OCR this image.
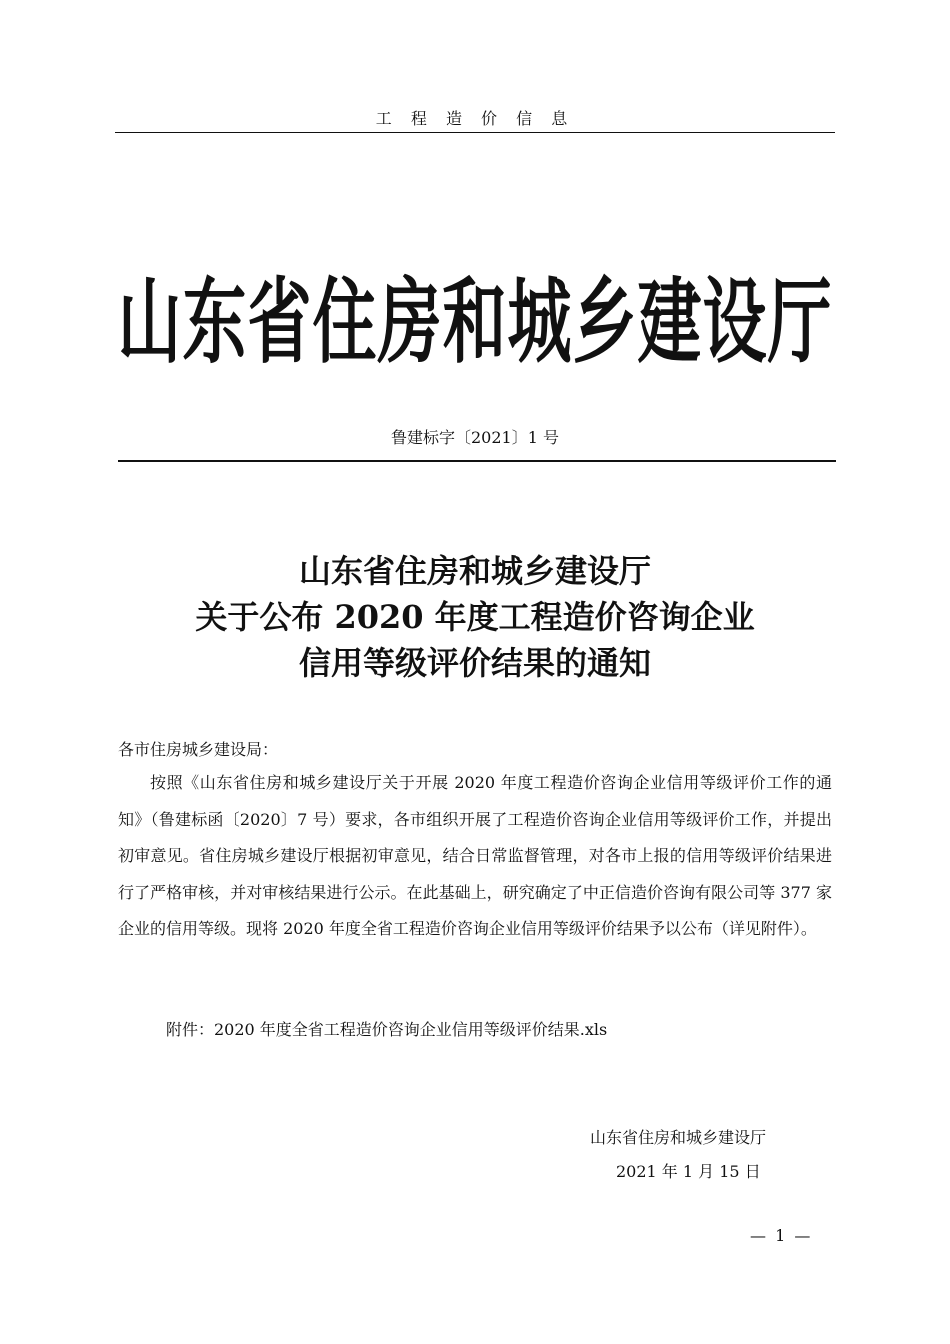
工 程 造 价 信 息
山东省住房和城乡建设厅
鲁建标字〔2021〕1 号
山东省住房和城乡建设厅
关于公布 2020 年度工程造价咨询企业
信用等级评价结果的通知
各市住房城乡建设局：
按照《山东省住房和城乡建设厅关于开展 2020 年度工程造价咨询企业信用等级评价工作的通知》（鲁建标函〔2020〕7 号）要求，各市组织开展了工程造价咨询企业信用等级评价工作，并提出初审意见。省住房城乡建设厅根据初审意见，结合日常监督管理，对各市上报的信用等级评价结果进行了严格审核，并对审核结果进行公示。在此基础上，研究确定了中正信造价咨询有限公司等 377 家企业的信用等级。现将 2020 年度全省工程造价咨询企业信用等级评价结果予以公布（详见附件）。
附件：2020 年度全省工程造价咨询企业信用等级评价结果.xls
山东省住房和城乡建设厅
2021 年 1 月 15 日
— 1 —
